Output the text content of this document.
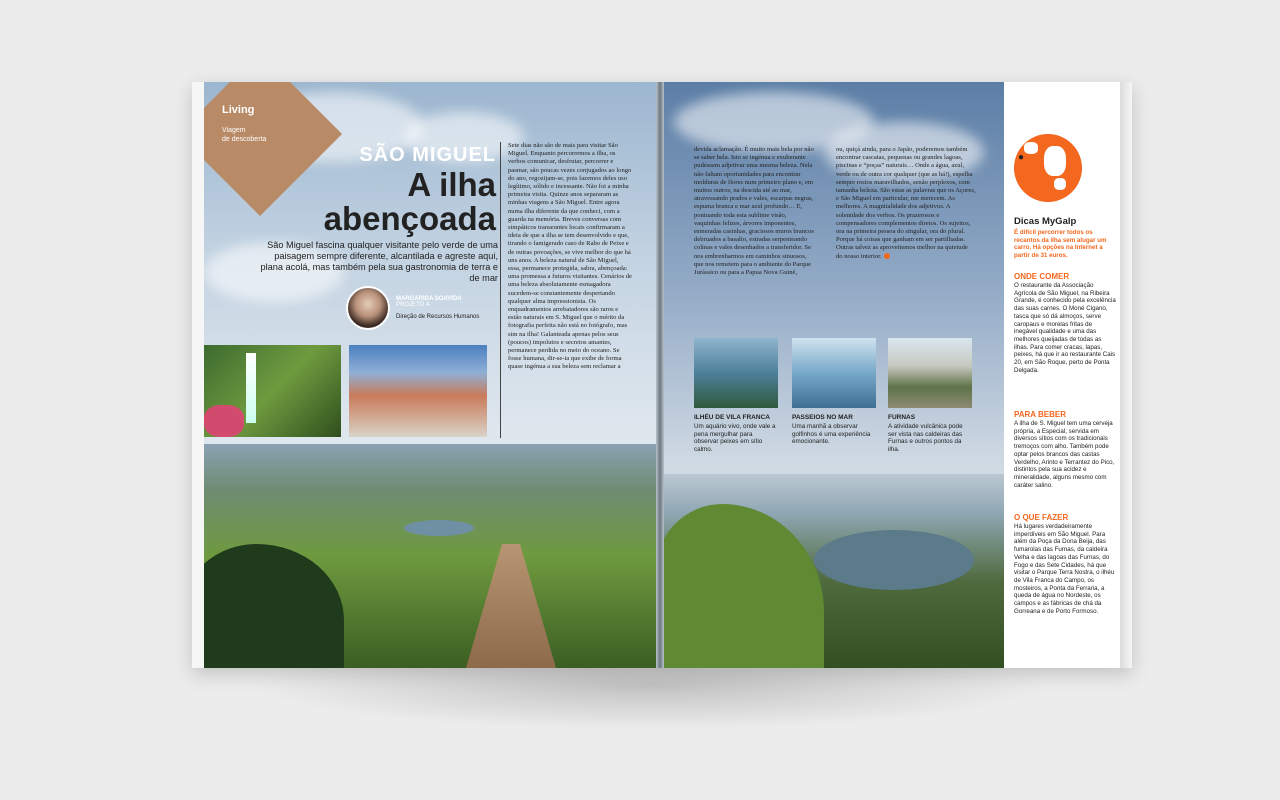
Living
Viagem
de descoberta
SÃO MIGUEL
A ilha
abençoada
São Miguel fascina qualquer visitante pelo verde de uma paisagem sempre diferente, alcantilada e agreste aqui, plana acolá, mas também pela sua gastronomia de terra e de mar
MARGARIDA SOAVIDA
PROJETO 4
Direção de Recursos Humanos
Sete dias não são de mais para visitar São Miguel. Enquanto percorremos a ilha, os verbos comunicar, desfrutar, percorrer e pasmar, são poucas vezes conjugados ao longo do ano, regozijam-se, pois fazemos deles uso legítimo, sólido e incessante. Não foi a minha primeira visita. Quinze anos separaram as minhas viagens a São Miguel. Entre agora numa ilha diferente da que conheci, com a guarda na memória. Breves conversas com simpáticos transeuntes locais confirmaram a ideia de que a ilha se tem desenvolvido e que, tirando o famigerado caso de Rabo de Peixe e de outras povoações, se vive melhor do que há uns anos. A beleza natural de São Miguel, essa, permanece protegida, sabra, abençoada: uma promessa a futuros visitantes. Cenários de uma beleza absolutamente esmagadora sucedem-se constantemente despertando qualquer alma impressionista. Os enquadramentos arrebatadores são raros e estão naturais em S. Miguel que o mérito da fotografia perfeita não está no fotógrafo, mas sim na ilha! Galanteada apenas pelos seus (poucos) impolutos e secretos amantes, permanece perdida no meio do oceano. Se fosse humana, dir-se-ia que exibe de forma quase ingénua a sua beleza sem reclamar a
devida aclamação. É muito mais bela por não se saber bela. Isto se ingénua e exuberante pudessem adjetivar uma mesma beleza. Nela não faltam oportunidades para encontrar molduras de flores num primeiro plano e, em muitos outros, na descida até ao mar, atravessando prados e vales, escarpas negras, espuma branca e mar azul profundo… E, pontuando toda esta sublime visão, vaquinhas felizes, árvores imponentes, esmeradas casinhas, graciosos muros brancos debruados a basalto, estradas serpenteando colinas e vales desenhados a transferidor. Se nos embrenharmos em caminhos sinuosos, que nos remetem para o ambiente do Parque Jurássico ou para a Papua Nova Guiné,
ou, quiçá ainda, para o Japão, poderemos também encontrar cascatas, pequenas ou grandes lagoas, piscinas e “poças” naturais… Onde a água, azul, verde ou de outra cor qualquer (que as há!), espelha sempre rostos maravilhados, senão perplexos, com tamanha beleza. São estas as palavras que os Açores, e São Miguel em particular, me merecem. As melhores. A magnitalidade dos adjetivos. A solenidade dos verbos. Os prazerosos e compensadores complementos diretos. Os sujeitos, ora na primeira pessoa do singular, ora do plural. Porque há coisas que ganham em ser partilhadas. Outras talvez as aproveitemos melhor na quietude do nosso interior.
ILHÉU DE VILA FRANCA
Um aquário vivo, onde vale a pena mergulhar para observar peixes em sítio calmo.
PASSEIOS NO MAR
Uma manhã a observar golfinhos é uma experiência emocionante.
FURNAS
A atividade vulcânica pode ser vista nas caldeiras das Furnas e outros pontos da ilha.
●
Dicas MyGalp
É difícil percorrer todos os recantos da ilha sem alugar um carro. Há opções na Internet a partir de 31 euros.
ONDE COMER
O restaurante da Associação Agrícola de São Miguel, na Ribeira Grande, é conhecido pela excelência das suas carnes. O Moné Cigano, tasca que só dá almoços, serve caropaus e morelas fritas de inegável qualidade e uma das melhores queijadas de todas as ilhas. Para comer cracas, lapas, peixes, há que ir ao restaurante Cais 20, em São Roque, perto de Ponta Delgada.
PARA BEBER
A ilha de S. Miguel tem uma cerveja própria, a Especial, servida em diversos sítios com os tradicionais tremoços com alho. Também pode optar pelos brancos das castas Verdelho, Arinto e Terrantez do Pico, distintos pela sua acidez e mineralidade, alguns mesmo com caráter salino.
O QUE FAZER
Há lugares verdadeiramente imperdíveis em São Miguel. Para além da Poça da Dona Beija, das fumarolas das Furnas, da caldeira Velha e das lagoas das Furnas, do Fogo e das Sete Cidades, há que visitar o Parque Terra Nostra, o ilhéu de Vila Franca do Campo, os mosteiros, a Ponta da Ferraria, a queda de água no Nordeste, os campos e as fábricas de chá da Gorreana e de Porto Formoso.
